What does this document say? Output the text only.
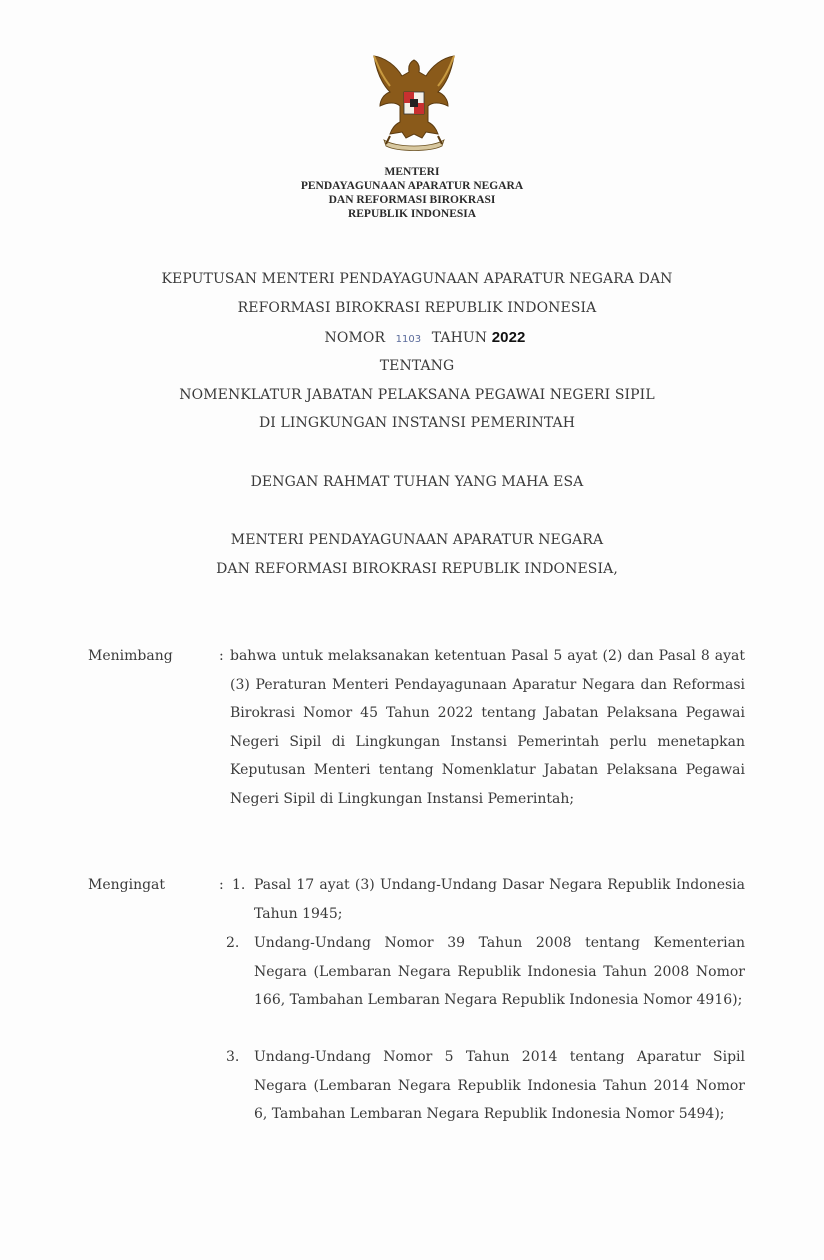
MENTERI
PENDAYAGUNAAN APARATUR NEGARA
DAN REFORMASI BIROKRASI
REPUBLIK INDONESIA
KEPUTUSAN MENTERI PENDAYAGUNAAN APARATUR NEGARA DAN
REFORMASI BIROKRASI REPUBLIK INDONESIA
NOMOR 1103 TAHUN 2022
TENTANG
NOMENKLATUR JABATAN PELAKSANA PEGAWAI NEGERI SIPIL
DI LINGKUNGAN INSTANSI PEMERINTAH
DENGAN RAHMAT TUHAN YANG MAHA ESA
MENTERI PENDAYAGUNAAN APARATUR NEGARA
DAN REFORMASI BIROKRASI REPUBLIK INDONESIA,
Menimbang	: bahwa untuk melaksanakan ketentuan Pasal 5 ayat (2) dan Pasal 8 ayat (3) Peraturan Menteri Pendayagunaan Aparatur Negara dan Reformasi Birokrasi Nomor 45 Tahun 2022 tentang Jabatan Pelaksana Pegawai Negeri Sipil di Lingkungan Instansi Pemerintah perlu menetapkan Keputusan Menteri tentang Nomenklatur Jabatan Pelaksana Pegawai Negeri Sipil di Lingkungan Instansi Pemerintah;
Mengingat	: 1. Pasal 17 ayat (3) Undang-Undang Dasar Negara Republik Indonesia Tahun 1945;
2. Undang-Undang Nomor 39 Tahun 2008 tentang Kementerian Negara (Lembaran Negara Republik Indonesia Tahun 2008 Nomor 166, Tambahan Lembaran Negara Republik Indonesia Nomor 4916);
3. Undang-Undang Nomor 5 Tahun 2014 tentang Aparatur Sipil Negara (Lembaran Negara Republik Indonesia Tahun 2014 Nomor 6, Tambahan Lembaran Negara Republik Indonesia Nomor 5494);
